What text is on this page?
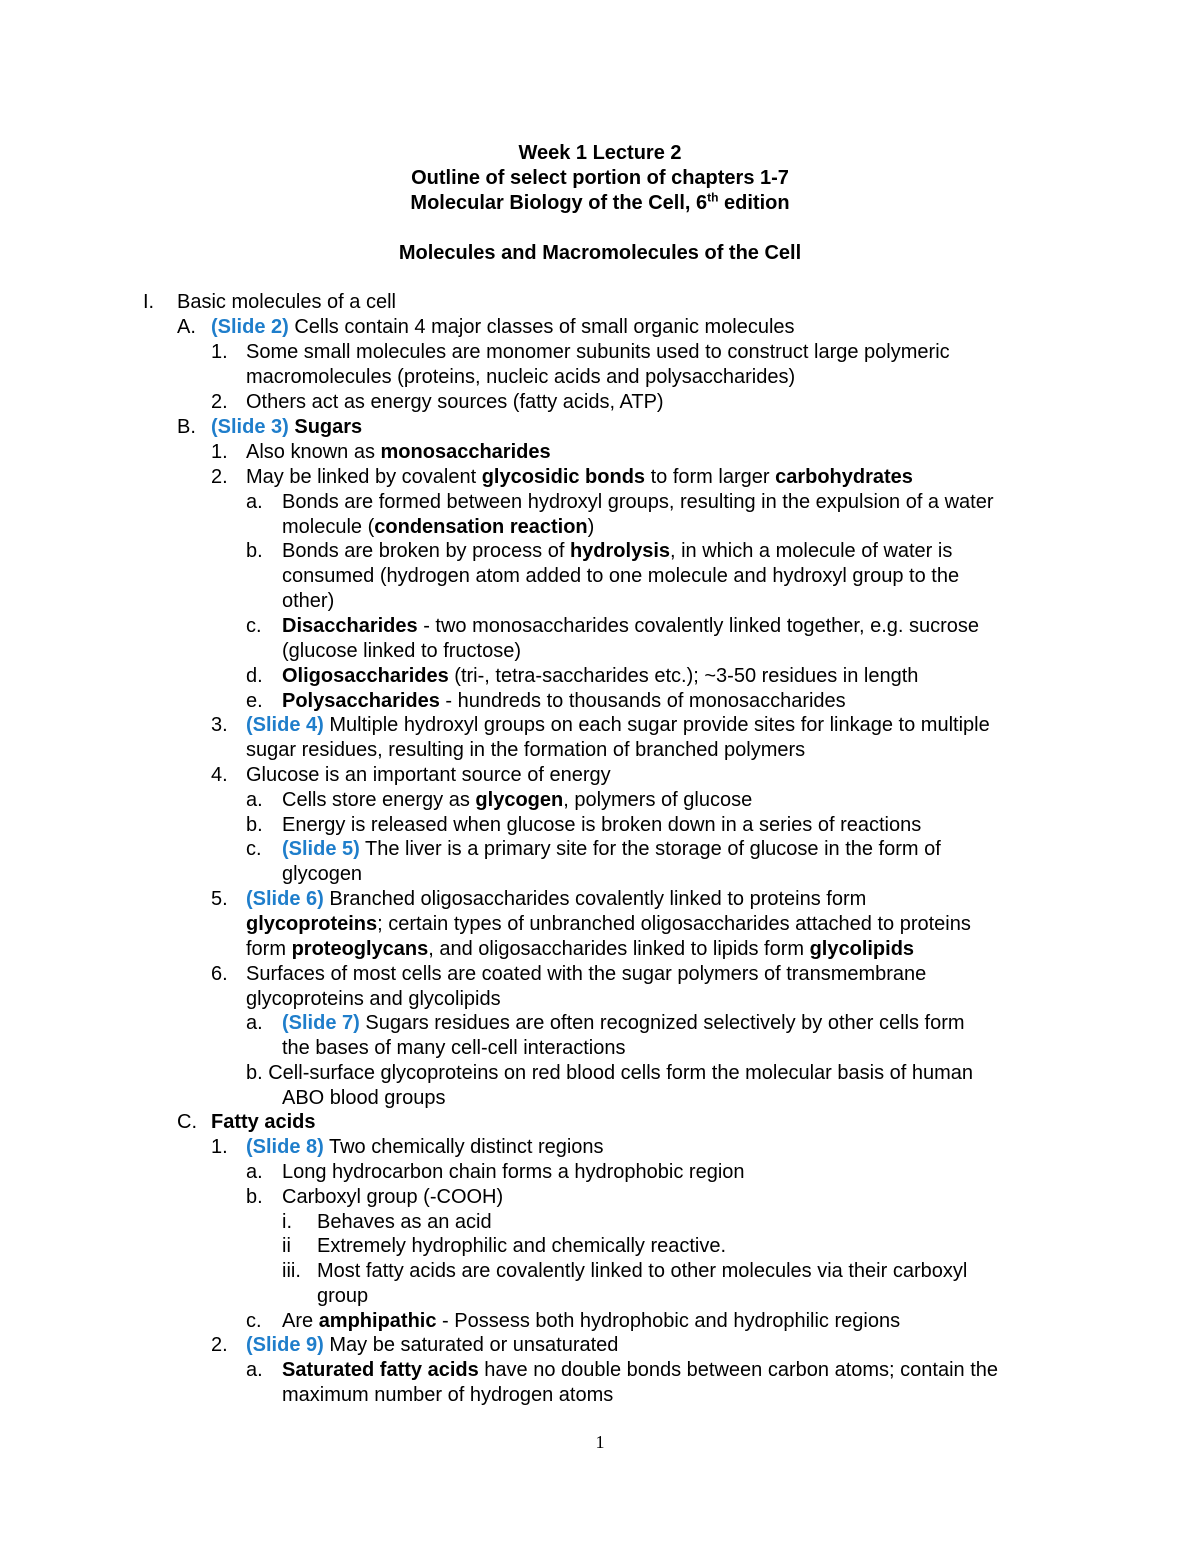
Week 1 Lecture 2
Outline of select portion of chapters 1-7
Molecular Biology of the Cell, 6th edition
Molecules and Macromolecules of the Cell
I. Basic molecules of a cell
A. (Slide 2) Cells contain 4 major classes of small organic molecules
1. Some small molecules are monomer subunits used to construct large polymeric
macromolecules (proteins, nucleic acids and polysaccharides)
2. Others act as energy sources (fatty acids, ATP)
B. (Slide 3) Sugars
1. Also known as monosaccharides
2. May be linked by covalent glycosidic bonds to form larger carbohydrates
a. Bonds are formed between hydroxyl groups, resulting in the expulsion of a water
molecule (condensation reaction)
b. Bonds are broken by process of hydrolysis, in which a molecule of water is
consumed (hydrogen atom added to one molecule and hydroxyl group to the
other)
c. Disaccharides - two monosaccharides covalently linked together, e.g. sucrose
(glucose linked to fructose)
d. Oligosaccharides (tri-, tetra-saccharides etc.); ~3-50 residues in length
e. Polysaccharides - hundreds to thousands of monosaccharides
3. (Slide 4) Multiple hydroxyl groups on each sugar provide sites for linkage to multiple
sugar residues, resulting in the formation of branched polymers
4. Glucose is an important source of energy
a. Cells store energy as glycogen, polymers of glucose
b. Energy is released when glucose is broken down in a series of reactions
c. (Slide 5) The liver is a primary site for the storage of glucose in the form of
glycogen
5. (Slide 6) Branched oligosaccharides covalently linked to proteins form
glycoproteins; certain types of unbranched oligosaccharides attached to proteins
form proteoglycans, and oligosaccharides linked to lipids form glycolipids
6. Surfaces of most cells are coated with the sugar polymers of transmembrane
glycoproteins and glycolipids
a. (Slide 7) Sugars residues are often recognized selectively by other cells form
the bases of many cell-cell interactions
b. Cell-surface glycoproteins on red blood cells form the molecular basis of human
ABO blood groups
C. Fatty acids
1. (Slide 8) Two chemically distinct regions
a. Long hydrocarbon chain forms a hydrophobic region
b. Carboxyl group (-COOH)
i. Behaves as an acid
ii Extremely hydrophilic and chemically reactive.
iii. Most fatty acids are covalently linked to other molecules via their carboxyl
group
c. Are amphipathic - Possess both hydrophobic and hydrophilic regions
2. (Slide 9) May be saturated or unsaturated
a. Saturated fatty acids have no double bonds between carbon atoms; contain the
maximum number of hydrogen atoms
1
